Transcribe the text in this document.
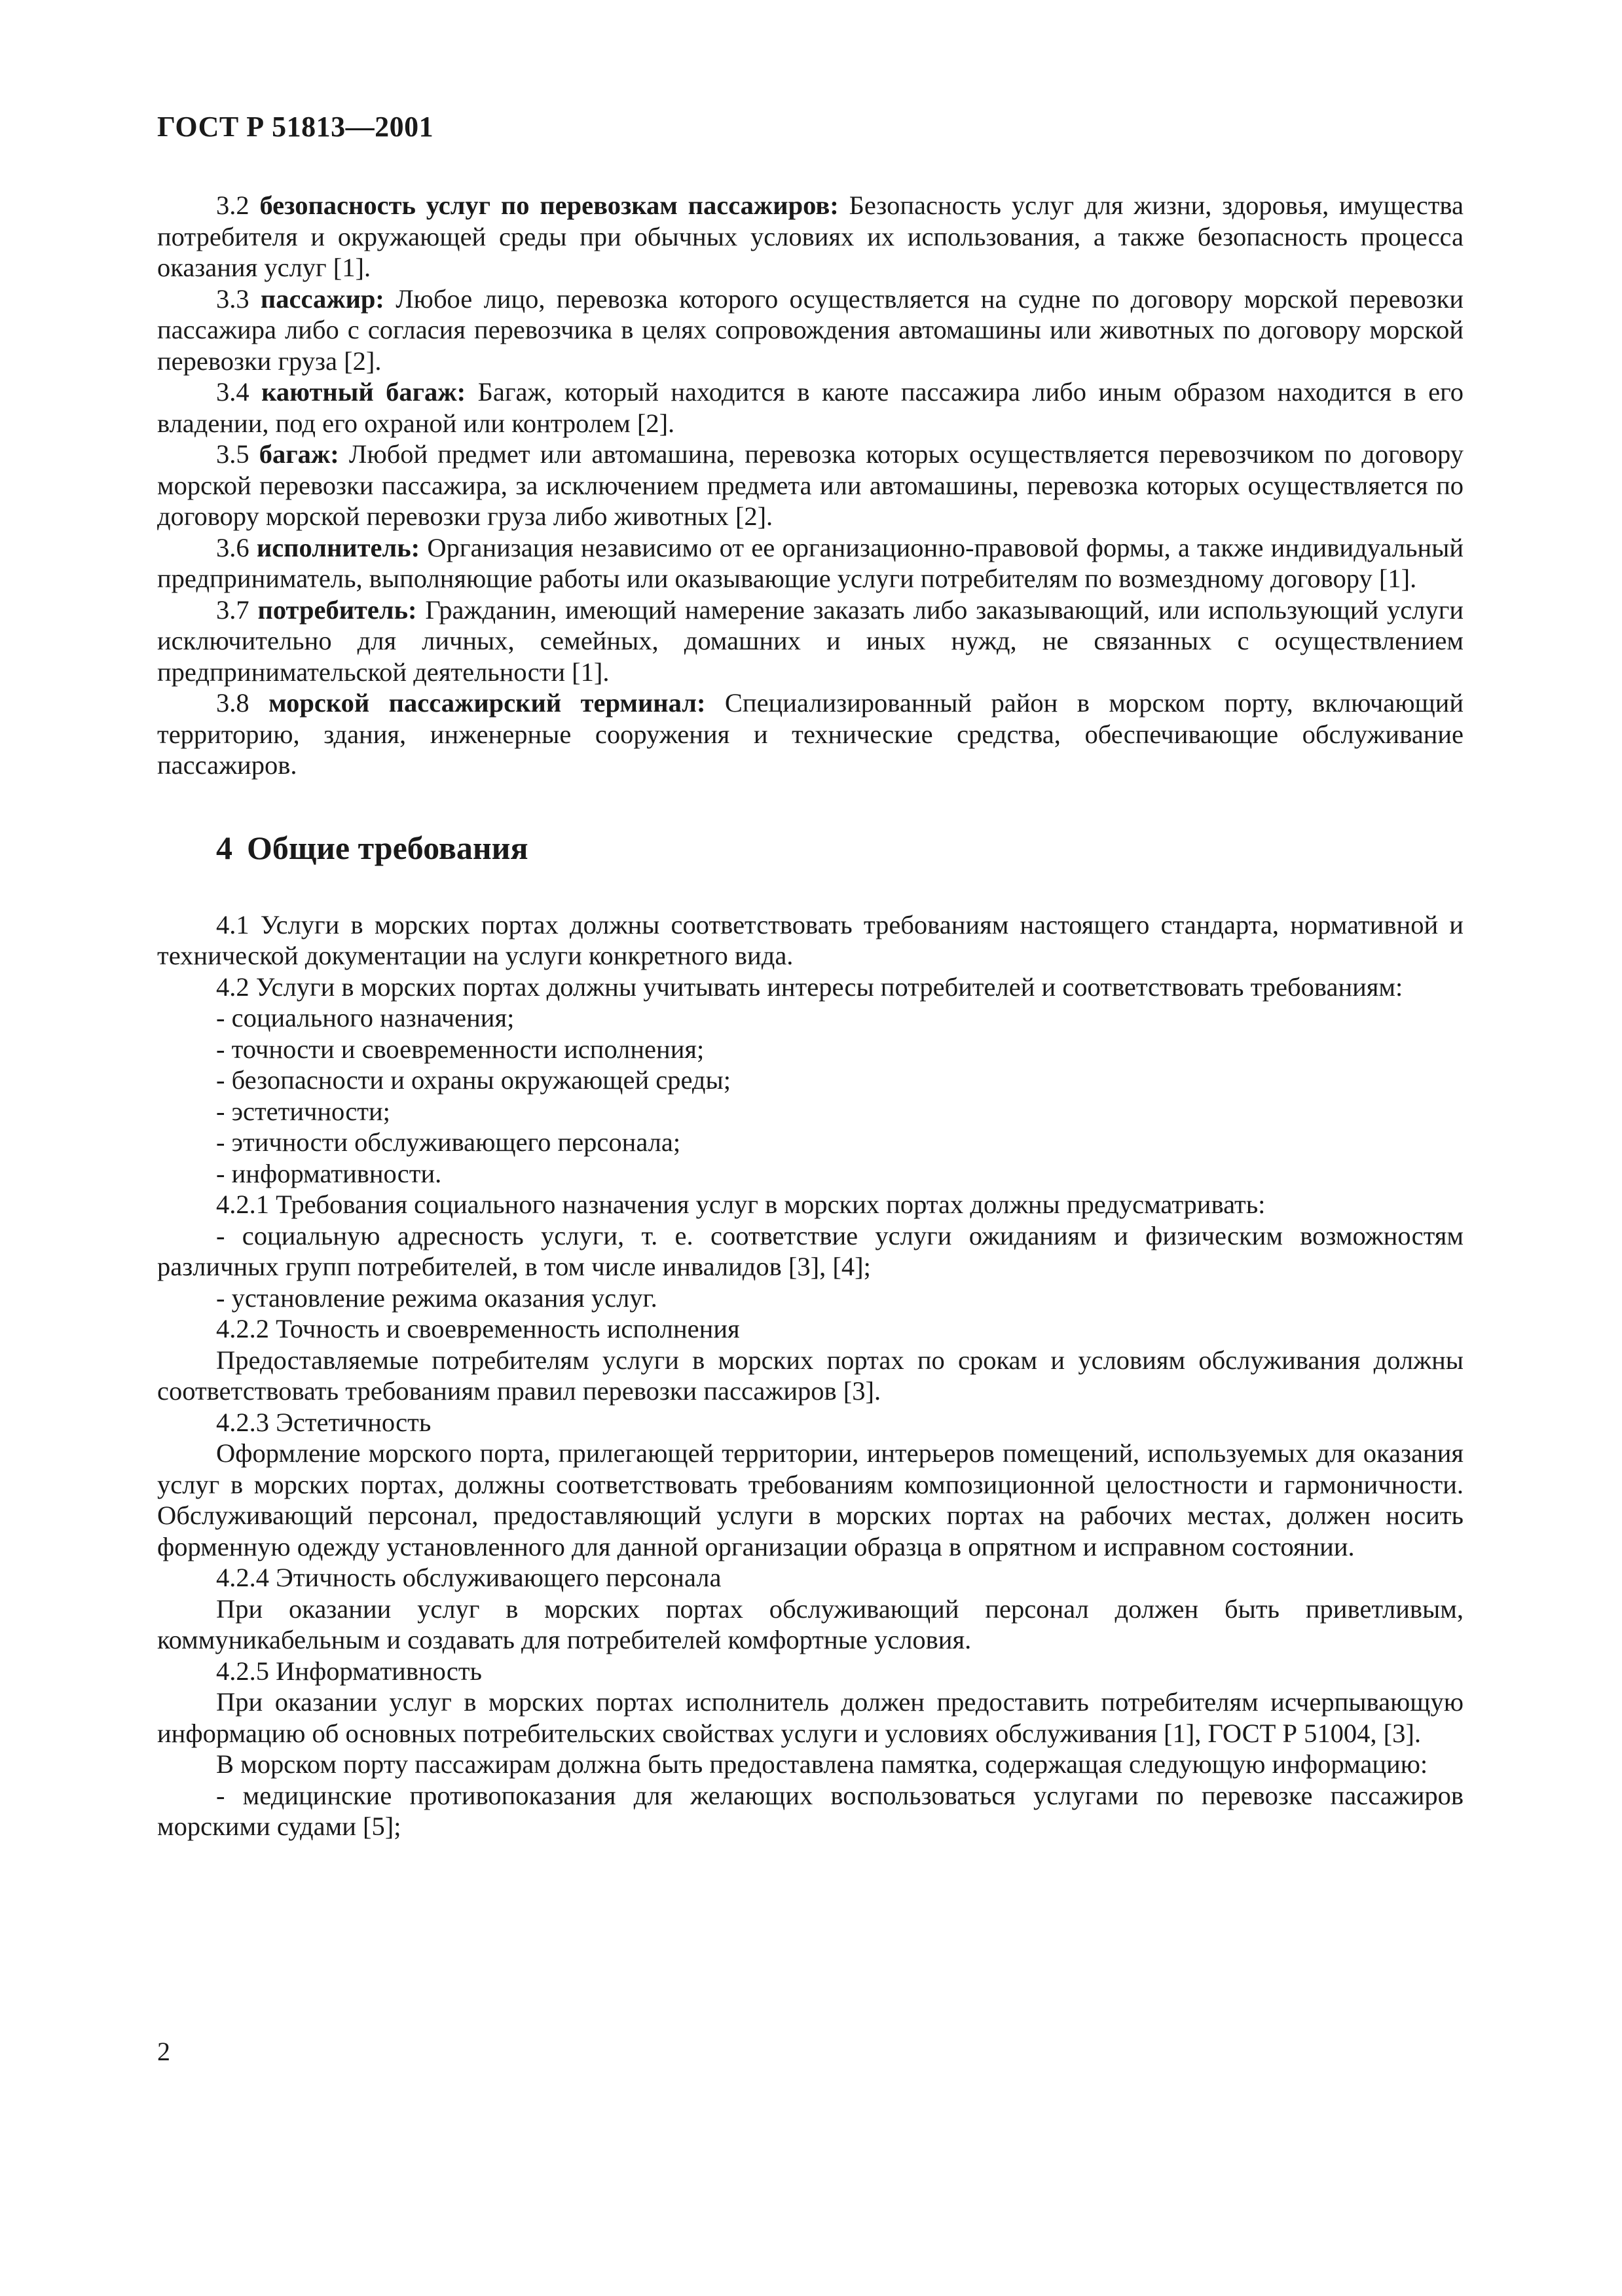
ГОСТ Р 51813—2001

3.2 безопасность услуг по перевозкам пассажиров: Безопасность услуг для жизни, здоровья, имущества потребителя и окружающей среды при обычных условиях их использования, а также безопасность процесса оказания услуг [1].

3.3 пассажир: Любое лицо, перевозка которого осуществляется на судне по договору морской перевозки пассажира либо с согласия перевозчика в целях сопровождения автомашины или животных по договору морской перевозки груза [2].

3.4 каютный багаж: Багаж, который находится в каюте пассажира либо иным образом находится в его владении, под его охраной или контролем [2].

3.5 багаж: Любой предмет или автомашина, перевозка которых осуществляется перевозчиком по договору морской перевозки пассажира, за исключением предмета или автомашины, перевозка которых осуществляется по договору морской перевозки груза либо животных [2].

3.6 исполнитель: Организация независимо от ее организационно-правовой формы, а также индивидуальный предприниматель, выполняющие работы или оказывающие услуги потребителям по возмездному договору [1].

3.7 потребитель: Гражданин, имеющий намерение заказать либо заказывающий, или использующий услуги исключительно для личных, семейных, домашних и иных нужд, не связанных с осуществлением предпринимательской деятельности [1].

3.8 морской пассажирский терминал: Специализированный район в морском порту, включающий территорию, здания, инженерные сооружения и технические средства, обеспечивающие обслуживание пассажиров.

4 Общие требования

4.1 Услуги в морских портах должны соответствовать требованиям настоящего стандарта, нормативной и технической документации на услуги конкретного вида.

4.2 Услуги в морских портах должны учитывать интересы потребителей и соответствовать требованиям:

- социального назначения;

- точности и своевременности исполнения;

- безопасности и охраны окружающей среды;

- эстетичности;

- этичности обслуживающего персонала;

- информативности.

4.2.1 Требования социального назначения услуг в морских портах должны предусматривать:

- социальную адресность услуги, т. е. соответствие услуги ожиданиям и физическим возможностям различных групп потребителей, в том числе инвалидов [3], [4];

- установление режима оказания услуг.

4.2.2 Точность и своевременность исполнения

Предоставляемые потребителям услуги в морских портах по срокам и условиям обслуживания должны соответствовать требованиям правил перевозки пассажиров [3].

4.2.3 Эстетичность

Оформление морского порта, прилегающей территории, интерьеров помещений, используемых для оказания услуг в морских портах, должны соответствовать требованиям композиционной целостности и гармоничности. Обслуживающий персонал, предоставляющий услуги в морских портах на рабочих местах, должен носить форменную одежду установленного для данной организации образца в опрятном и исправном состоянии.

4.2.4 Этичность обслуживающего персонала

При оказании услуг в морских портах обслуживающий персонал должен быть приветливым, коммуникабельным и создавать для потребителей комфортные условия.

4.2.5 Информативность

При оказании услуг в морских портах исполнитель должен предоставить потребителям исчерпывающую информацию об основных потребительских свойствах услуги и условиях обслуживания [1], ГОСТ Р 51004, [3].

В морском порту пассажирам должна быть предоставлена памятка, содержащая следующую информацию:

- медицинские противопоказания для желающих воспользоваться услугами по перевозке пассажиров морскими судами [5];

2
